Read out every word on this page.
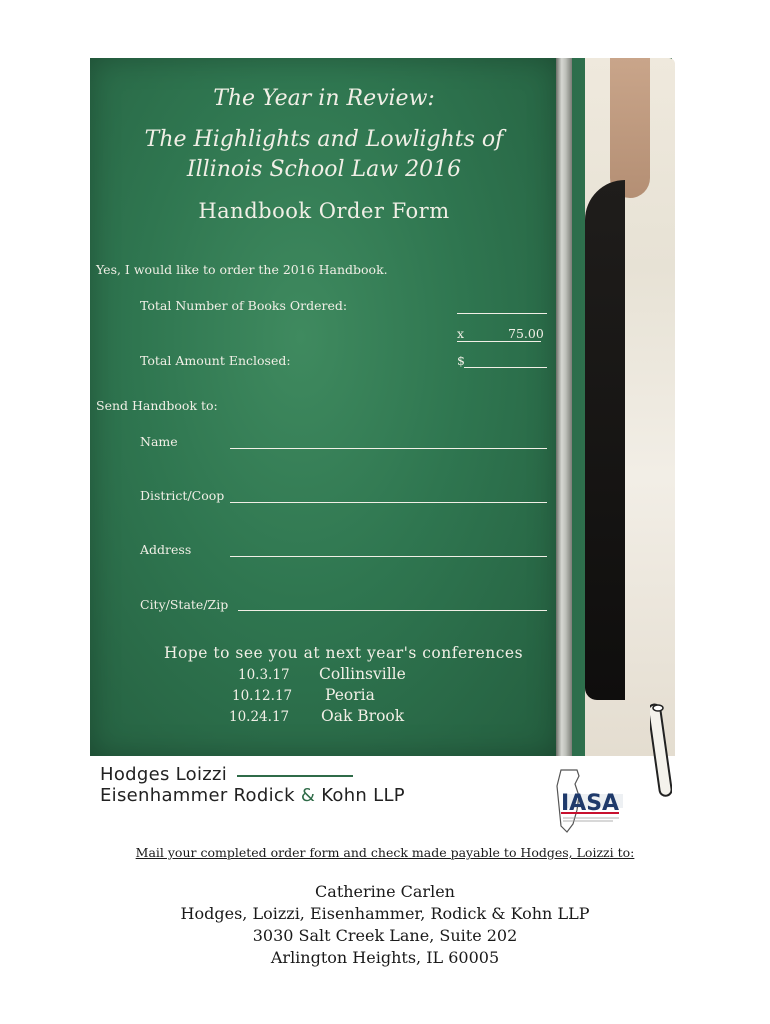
The Year in Review:
The Highlights and Lowlights of
Illinois School Law 2016
Handbook Order Form
Yes, I would like to order the 2016 Handbook.
Total Number of Books Ordered:
x	75.00
Total Amount Enclosed:	$
Send Handbook to:
Name
District/Coop
Address
City/State/Zip
Hope to see you at next year's conferences
10.3.17 Collinsville
10.12.17 Peoria
10.24.17 Oak Brook
Hodges Loizzi
Eisenhammer Rodick & Kohn LLP	IASA
Mail your completed order form and check made payable to Hodges, Loizzi to:
Catherine Carlen
Hodges, Loizzi, Eisenhammer, Rodick & Kohn LLP
3030 Salt Creek Lane, Suite 202
Arlington Heights, IL 60005
